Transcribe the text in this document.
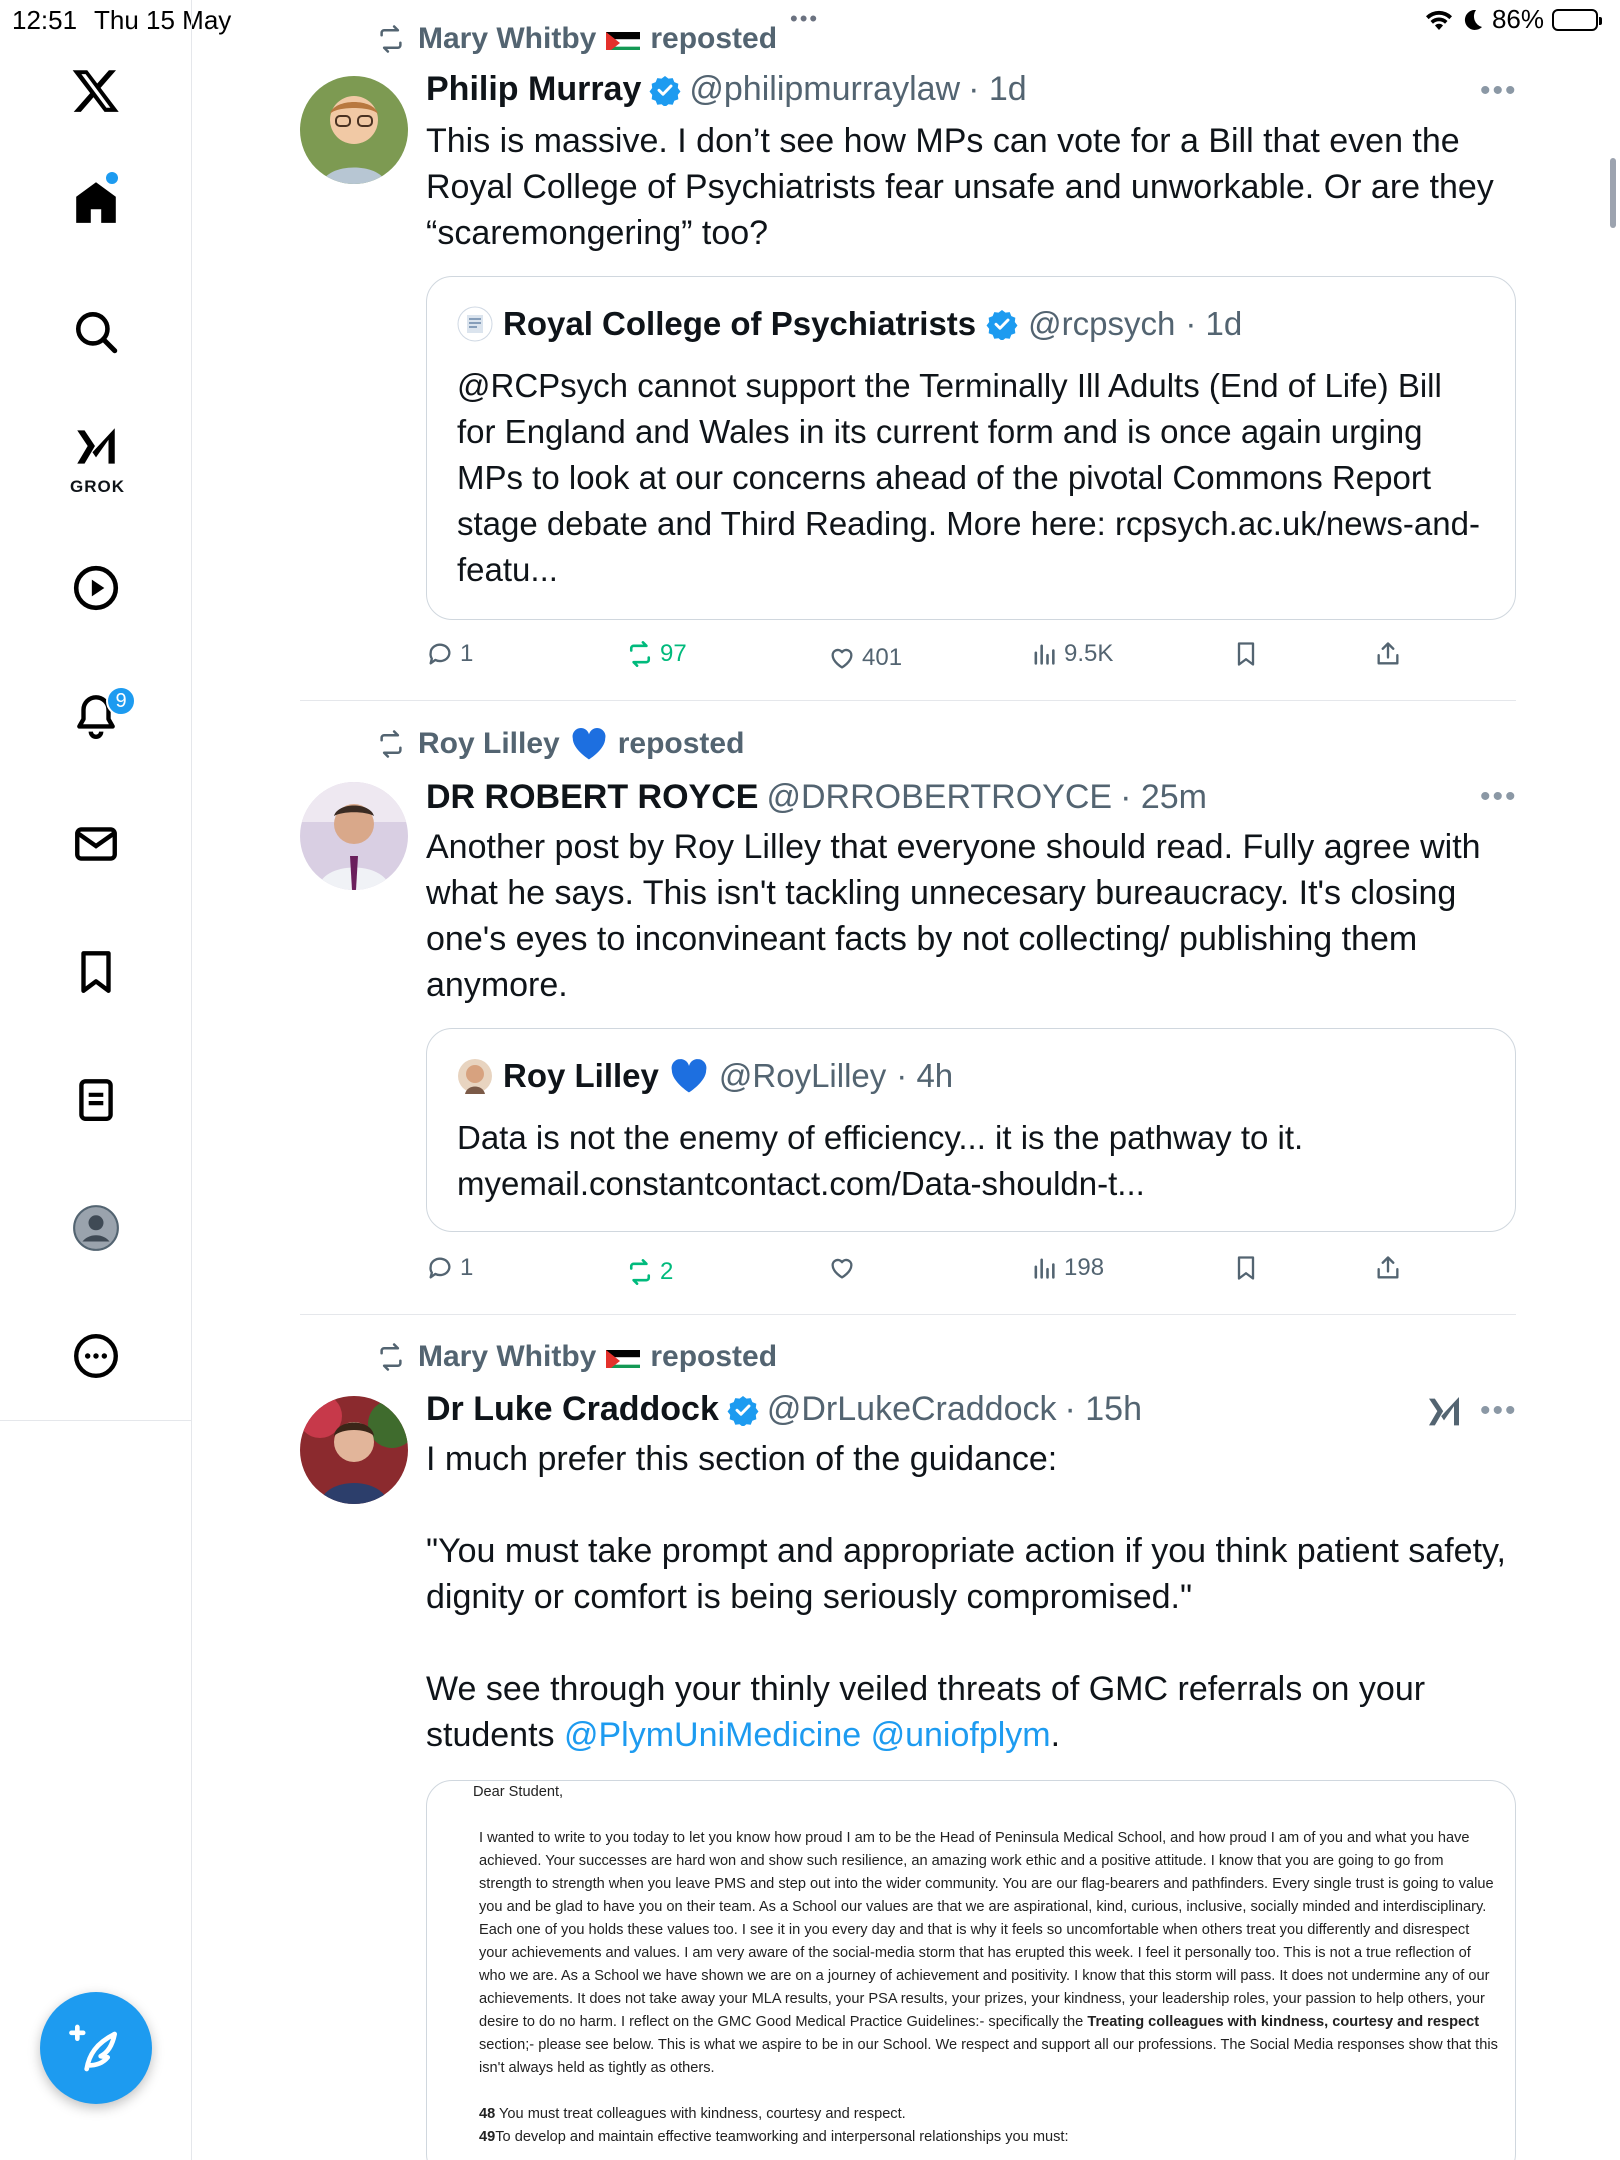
12:51 Thu 15 May	•••	86%
GROK
9
Mary Whitby reposted
Philip Murray @philipmurraylaw · 1d	•••
This is massive. I don’t see how MPs can vote for a Bill that even the Royal College of Psychiatrists fear unsafe and unworkable. Or are they “scaremongering” too?
Royal College of Psychiatrists @rcpsych · 1d
@RCPsych cannot support the Terminally Ill Adults (End of Life) Bill for England and Wales in its current form and is once again urging MPs to look at our concerns ahead of the pivotal Commons Report stage debate and Third Reading. More here: rcpsych.ac.uk/news-and-featu...
1	97	401	9.5K
Roy Lilley reposted
DR ROBERT ROYCE @DRROBERTROYCE · 25m	•••
Another post by Roy Lilley that everyone should read. Fully agree with what he says. This isn't tackling unnecesary bureaucracy. It's closing one's eyes to inconvineant facts by not collecting/ publishing them anymore.
Roy Lilley @RoyLilley · 4h
Data is not the enemy of efficiency... it is the pathway to it. myemail.constantcontact.com/Data-shouldn-t...
1	2	198
Mary Whitby reposted
Dr Luke Craddock @DrLukeCraddock · 15h	•••
I much prefer this section of the guidance:
"You must take prompt and appropriate action if you think patient safety, dignity or comfort is being seriously compromised."
We see through your thinly veiled threats of GMC referrals on your students @PlymUniMedicine @uniofplym.

Dear Student,

I wanted to write to you today to let you know how proud I am to be the Head of Peninsula Medical School, and how proud I am of you and what you have achieved. Your successes are hard won and show such resilience, an amazing work ethic and a positive attitude. I know that you are going to go from strength to strength when you leave PMS and step out into the wider community. You are our flag-bearers and pathfinders. Every single trust is going to value you and be glad to have you on their team. As a School our values are that we are aspirational, kind, curious, inclusive, socially minded and interdisciplinary. Each one of you holds these values too. I see it in you every day and that is why it feels so uncomfortable when others treat you differently and disrespect your achievements and values. I am very aware of the social-media storm that has erupted this week. I feel it personally too. This is not a true reflection of who we are. As a School we have shown we are on a journey of achievement and positivity. I know that this storm will pass. It does not undermine any of our achievements. It does not take away your MLA results, your PSA results, your prizes, your kindness, your leadership roles, your passion to help others, your desire to do no harm. I reflect on the GMC Good Medical Practice Guidelines:- specifically the Treating colleagues with kindness, courtesy and respect section;- please see below. This is what we aspire to be in our School. We respect and support all our professions. The Social Media responses show that this isn't always held as tightly as others.

48 You must treat colleagues with kindness, courtesy and respect.

49To develop and maintain effective teamworking and interpersonal relationships you must:
